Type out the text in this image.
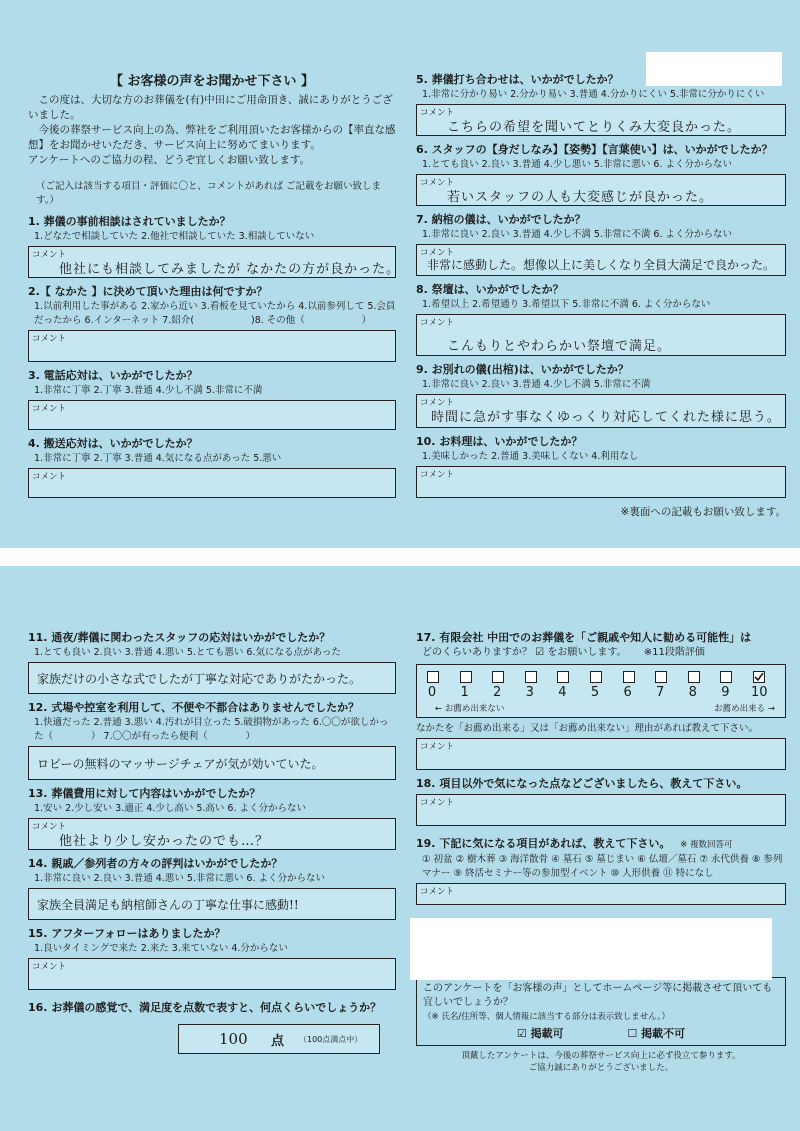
【 お客様の声をお聞かせ下さい 】
この度は、大切な方のお葬儀を(有)中田にご用命頂き、誠にありがとうございました。
今後の葬祭サービス向上の為、弊社をご利用頂いたお客様からの【率直な感想】をお聞かせいただき、サービス向上に努めてまいります。
アンケートへのご協力の程、どうぞ宜しくお願い致します。
（ご記入は該当する項目・評価に〇と、コメントがあれば ご記載をお願い致します。）
1. 葬儀の事前相談はされていましたか？
1.どなたで相談していた 2.他社で相談していた 3.相談していない
コメント
他社にも相談してみましたが なかたの方が良かった。
2.【 なかた 】に決めて頂いた理由は何ですか？
1.以前利用した事がある 2.家から近い 3.看板を見ていたから 4.以前参列して 5.会員だったから 6.インターネット 7.紹介(　　　　　　)8. その他（　　　　　　）
コメント
3. 電話応対は、いかがでしたか？
1.非常に丁寧 2.丁寧 3.普通 4.少し不満 5.非常に不満
コメント
4. 搬送応対は、いかがでしたか？
1.非常に丁寧 2.丁寧 3.普通 4.気になる点があった 5.悪い
コメント
5. 葬儀打ち合わせは、いかがでしたか？
1.非常に分かり易い 2.分かり易い 3.普通 4.分かりにくい 5.非常に分かりにくい
コメント
こちらの希望を聞いてとりくみ大変良かった。
6. スタッフの【身だしなみ】【姿勢】【言葉使い】は、いかがでしたか？
1.とても良い 2.良い 3.普通 4.少し悪い 5.非常に悪い 6. よく分からない
コメント
若いスタッフの人も大変感じが良かった。
7. 納棺の儀は、いかがでしたか？
1.非常に良い 2.良い 3.普通 4.少し不満 5.非常に不満 6. よく分からない
コメント
非常に感動した。想像以上に美しくなり全員大満足で良かった。
8. 祭壇は、いかがでしたか？
1.希望以上 2.希望通り 3.希望以下 5.非常に不満 6. よく分からない
コメント
こんもりとやわらかい祭壇で満足。
9. お別れの儀(出棺)は、いかがでしたか？
1.非常に良い 2.良い 3.普通 4.少し不満 5.非常に不満
コメント
時間に急がす事なくゆっくり対応してくれた様に思う。
10. お料理は、いかがでしたか？
1.美味しかった 2.普通 3.美味しくない 4.利用なし
コメント
※裏面への記載もお願い致します。
11. 通夜/葬儀に関わったスタッフの応対はいかがでしたか？
1.とても良い 2.良い 3.普通 4.悪い 5.とても悪い 6.気になる点があった
家族だけの小さな式でしたが丁寧な対応でありがたかった。
12. 式場や控室を利用して、不便や不都合はありませんでしたか？
1.快適だった 2.普通 3.悪い 4.汚れが目立った 5.破損物があった 6.〇〇が欲しかった（　　　　） 7.〇〇が有ったら便利（　　　　）
ロビーの無料のマッサージチェアが気が効いていた。
13. 葬儀費用に対して内容はいかがでしたか？
1.安い 2.少し安い 3.適正 4.少し高い 5.高い 6. よく分からない
コメント
他社より少し安かったのでも…？
14. 親戚／参列者の方々の評判はいかがでしたか？
1.非常に良い 2.良い 3.普通 4.悪い 5.非常に悪い 6. よく分からない
家族全員満足も納棺師さんの丁寧な仕事に感動!!
15. アフターフォローはありましたか？
1.良いタイミングで来た 2.来た 3.来ていない 4.分からない
コメント
16. お葬儀の感覚で、満足度を点数で表すと、何点くらいでしょうか？
100 点 （100点満点中）
17. 有限会社 中田でのお葬儀を「ご親戚や知人に勧める可能性」は
どのくらいありますか？ ☑ をお願いします。 ※11段階評価
← お薦め出来ない	お薦め出来る →
0 1 2 3 4 5 6 7 8 9 10
なかたを「お薦め出来る」又は「お薦め出来ない」理由があれば教えて下さい。
コメント
18. 項目以外で気になった点などございましたら、教えて下さい。
コメント
19. 下記に気になる項目があれば、教えて下さい。 ※ 複数回答可
① 初盆 ② 樹木葬 ③ 海洋散骨 ④ 墓石 ⑤ 墓じまい ⑥ 仏壇／墓石 ⑦ 永代供養 ⑧ 参列マナー ⑨ 終活セミナー等の参加型イベント ⑩ 人形供養 ⑪ 特になし
コメント
このアンケートを「お客様の声」としてホームページ等に掲載させて頂いても宜しいでしょうか？
（※ 氏名/住所等、個人情報に該当する部分は表示致しません。）
☑ 掲載可	☐ 掲載不可
頂戴したアンケートは、今後の葬祭サービス向上に必ず役立て参ります。
ご協力誠にありがとうございました。
